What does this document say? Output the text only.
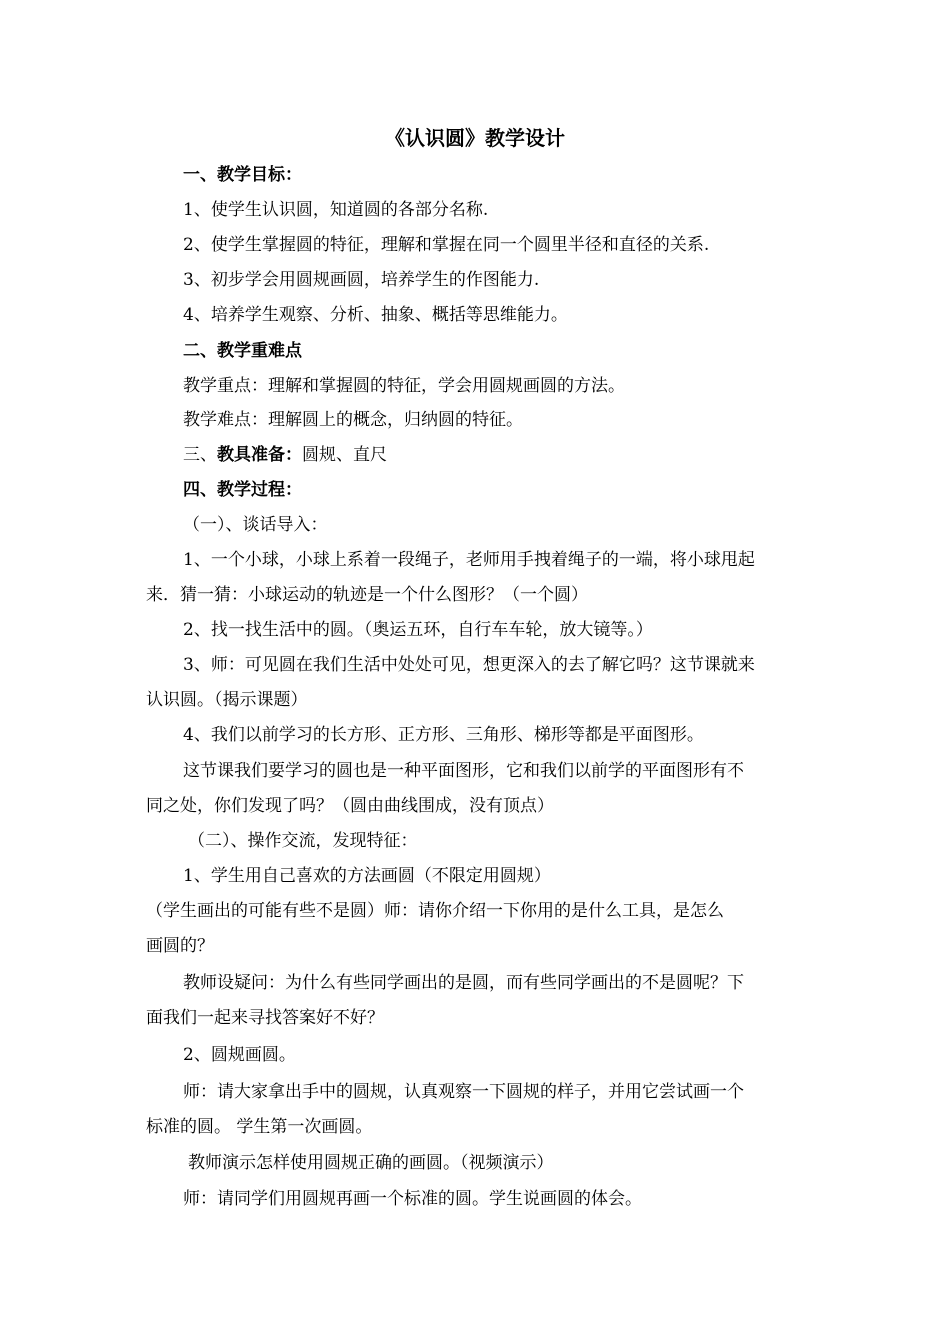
《认识圆》教学设计
一、教学目标：
1、使学生认识圆，知道圆的各部分名称.
2、使学生掌握圆的特征，理解和掌握在同一个圆里半径和直径的关系.
3、初步学会用圆规画圆，培养学生的作图能力.
4、培养学生观察、分析、抽象、概括等思维能力。
二、教学重难点
教学重点：理解和掌握圆的特征，学会用圆规画圆的方法。
教学难点：理解圆上的概念，归纳圆的特征。
三、教具准备：圆规、直尺
四、教学过程：
（一）、谈话导入：
1、一个小球，小球上系着一段绳子，老师用手拽着绳子的一端，将小球甩起
来．猜一猜：小球运动的轨迹是一个什么图形？（一个圆）
2、找一找生活中的圆。（奥运五环，自行车车轮，放大镜等。）
3、师：可见圆在我们生活中处处可见，想更深入的去了解它吗？这节课就来
认识圆。（揭示课题）
4、我们以前学习的长方形、正方形、三角形、梯形等都是平面图形。
这节课我们要学习的圆也是一种平面图形，它和我们以前学的平面图形有不
同之处，你们发现了吗？（圆由曲线围成，没有顶点）
（二）、操作交流，发现特征：
1、学生用自己喜欢的方法画圆（不限定用圆规）
（学生画出的可能有些不是圆）师：请你介绍一下你用的是什么工具，是怎么
画圆的？
教师设疑问：为什么有些同学画出的是圆，而有些同学画出的不是圆呢？下
面我们一起来寻找答案好不好？
2、圆规画圆。
师：请大家拿出手中的圆规，认真观察一下圆规的样子，并用它尝试画一个
标准的圆。 学生第一次画圆。
教师演示怎样使用圆规正确的画圆。（视频演示）
师：请同学们用圆规再画一个标准的圆。学生说画圆的体会。
